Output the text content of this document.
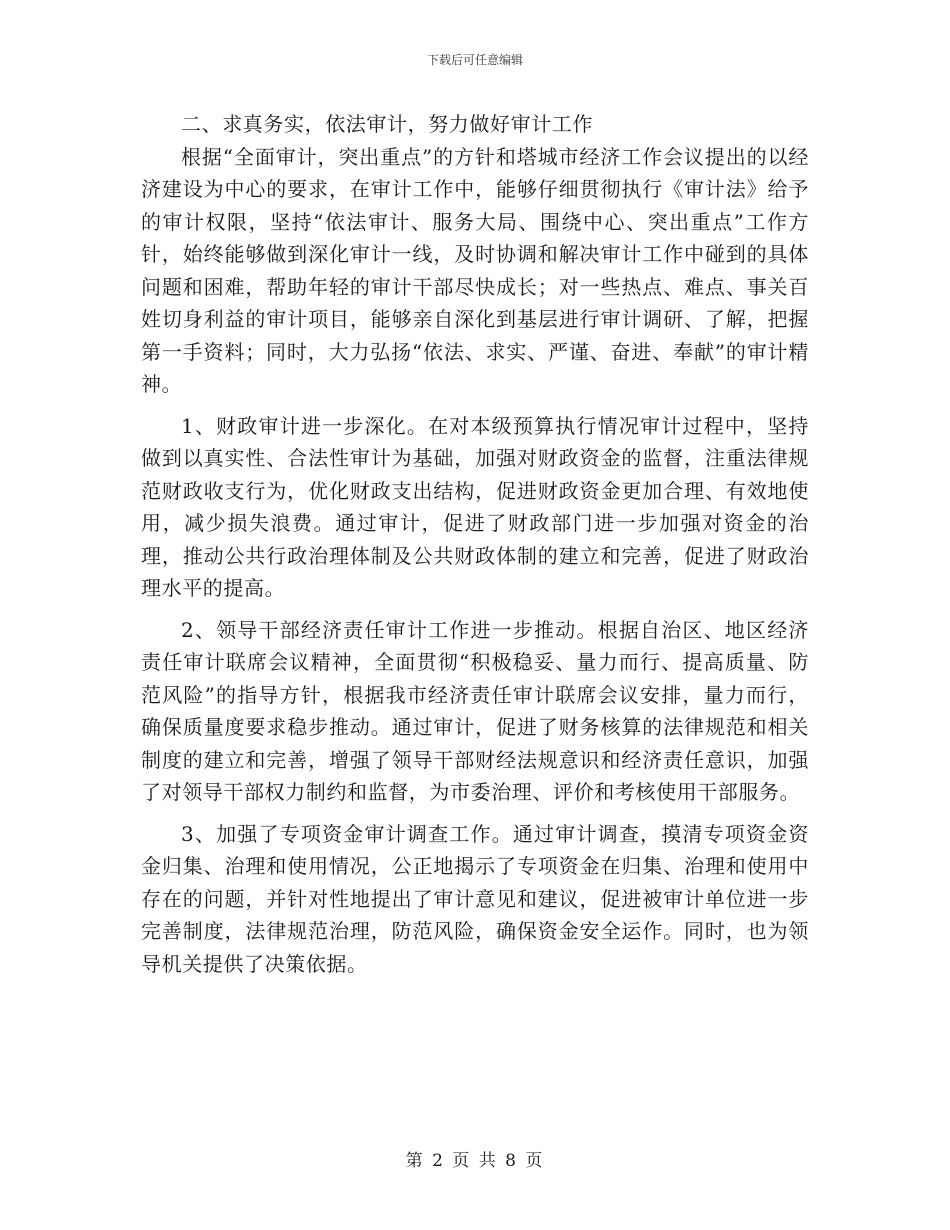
下载后可任意编辑

二、求真务实，依法审计，努力做好审计工作

根据“全面审计，突出重点”的方针和塔城市经济工作会议提出的以经济建设为中心的要求，在审计工作中，能够仔细贯彻执行《审计法》给予的审计权限，坚持“依法审计、服务大局、围绕中心、突出重点”工作方针，始终能够做到深化审计一线，及时协调和解决审计工作中碰到的具体问题和困难，帮助年轻的审计干部尽快成长；对一些热点、难点、事关百姓切身利益的审计项目，能够亲自深化到基层进行审计调研、了解，把握第一手资料；同时，大力弘扬“依法、求实、严谨、奋进、奉献”的审计精神。

1、财政审计进一步深化。在对本级预算执行情况审计过程中，坚持做到以真实性、合法性审计为基础，加强对财政资金的监督，注重法律规范财政收支行为，优化财政支出结构，促进财政资金更加合理、有效地使用，减少损失浪费。通过审计，促进了财政部门进一步加强对资金的治理，推动公共行政治理体制及公共财政体制的建立和完善，促进了财政治理水平的提高。

2、领导干部经济责任审计工作进一步推动。根据自治区、地区经济责任审计联席会议精神，全面贯彻“积极稳妥、量力而行、提高质量、防范风险”的指导方针，根据我市经济责任审计联席会议安排，量力而行，确保质量度要求稳步推动。通过审计，促进了财务核算的法律规范和相关制度的建立和完善，增强了领导干部财经法规意识和经济责任意识，加强了对领导干部权力制约和监督，为市委治理、评价和考核使用干部服务。

3、加强了专项资金审计调查工作。通过审计调查，摸清专项资金资金归集、治理和使用情况，公正地揭示了专项资金在归集、治理和使用中存在的问题，并针对性地提出了审计意见和建议，促进被审计单位进一步完善制度，法律规范治理，防范风险，确保资金安全运作。同时，也为领导机关提供了决策依据。

第 2 页 共 8 页
